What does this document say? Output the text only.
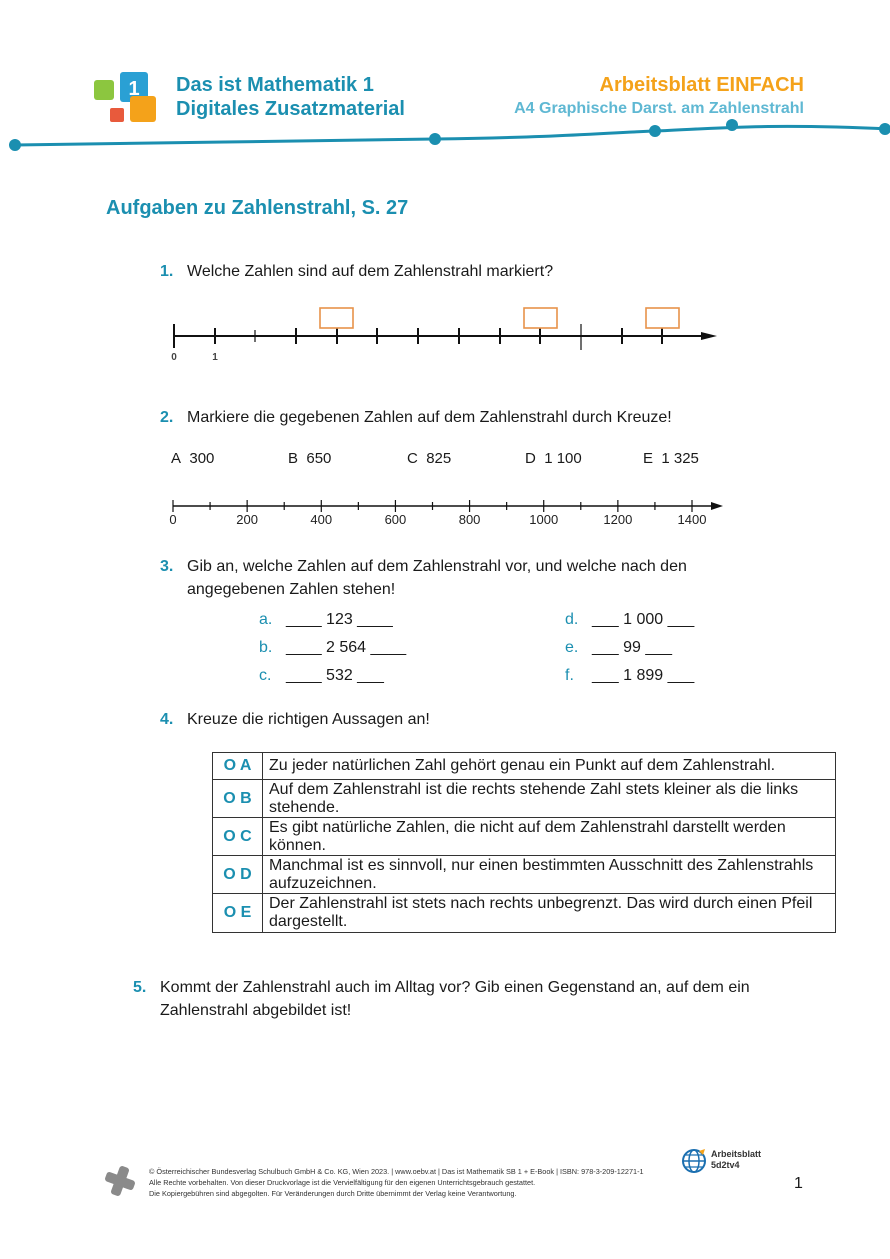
1 Das ist Mathematik 1
Digitales Zusatzmaterial
Arbeitsblatt EINFACH
A4 Graphische Darst. am Zahlenstrahl
Aufgaben zu Zahlenstrahl, S. 27
1. Welche Zahlen sind auf dem Zahlenstrahl markiert?
0	1
2. Markiere die gegebenen Zahlen auf dem Zahlenstrahl durch Kreuze!
A 300	B 650	C 825	D 1 100	E 1 325
0	200	400	600	800	1000	1200	1400
3. Gib an, welche Zahlen auf dem Zahlenstrahl vor, und welche nach den
angegebenen Zahlen stehen!
a. ____ 123 ____
b. ____ 2 564 ____
c. ____ 532 ___
d. ___ 1 000 ___
e. ___ 99 ___
f. ___ 1 899 ___
4. Kreuze die richtigen Aussagen an!
O A	Zu jeder natürlichen Zahl gehört genau ein Punkt auf dem Zahlenstrahl.
O B	Auf dem Zahlenstrahl ist die rechts stehende Zahl stets kleiner als die links stehende.
O C	Es gibt natürliche Zahlen, die nicht auf dem Zahlenstrahl darstellt werden können.
O D	Manchmal ist es sinnvoll, nur einen bestimmten Ausschnitt des Zahlenstrahls aufzuzeichnen.
O E	Der Zahlenstrahl ist stets nach rechts unbegrenzt. Das wird durch einen Pfeil dargestellt.
5. Kommt der Zahlenstrahl auch im Alltag vor? Gib einen Gegenstand an, auf dem ein
Zahlenstrahl abgebildet ist!
© Österreichischer Bundesverlag Schulbuch GmbH & Co. KG, Wien 2023. | www.oebv.at | Das ist Mathematik SB 1 + E-Book | ISBN: 978-3-209-12271-1
Alle Rechte vorbehalten. Von dieser Druckvorlage ist die Vervielfältigung für den eigenen Unterrichtsgebrauch gestattet.
Die Kopiergebühren sind abgegolten. Für Veränderungen durch Dritte übernimmt der Verlag keine Verantwortung.
Arbeitsblatt
5d2tv4
1
